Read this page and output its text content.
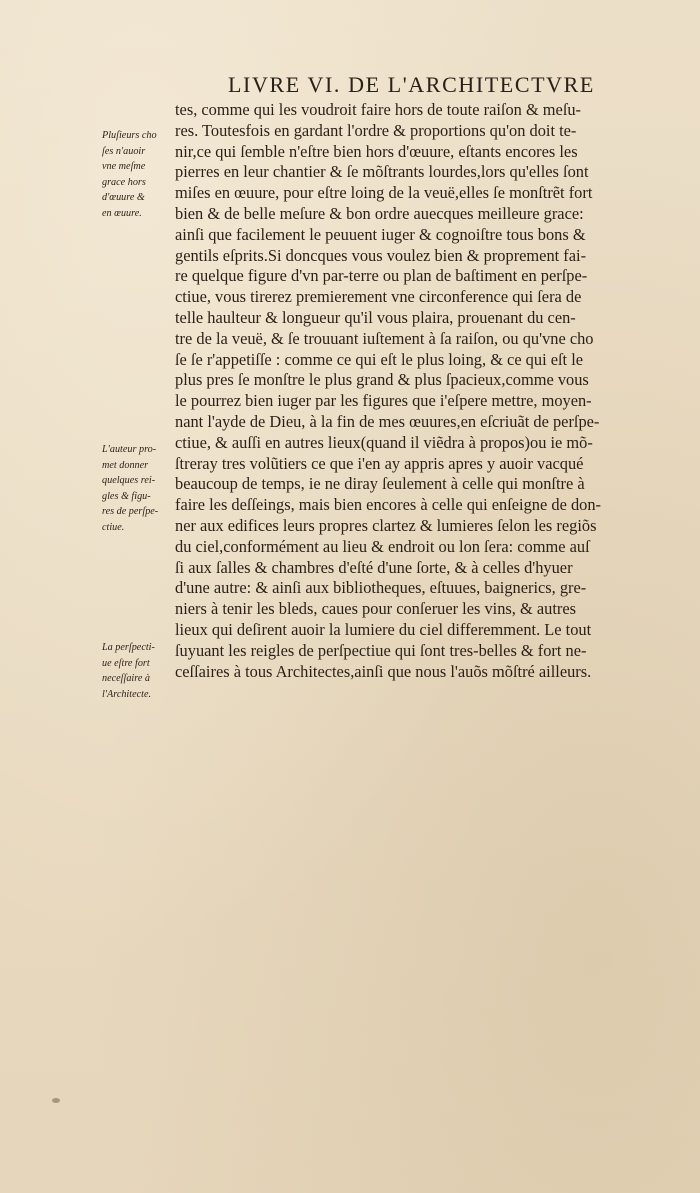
LIVRE VI. DE L'ARCHITECTVRE
Pluſieurs cho
ſes n'auoir
vne meſme
grace hors
d'œuure &
en œuure.
L'auteur pro-
met donner
quelques rei-
gles & figu-
res de perſpe-
ctiue.
La perſpecti-
ue eſtre fort
neceſſaire à
l'Architecte.
tes, comme qui les voudroit faire hors de toute raiſon & meſu-
res. Toutesfois en gardant l'ordre & proportions qu'on doit te-
nir,ce qui ſemble n'eſtre bien hors d'œuure, eſtants encores les
pierres en leur chantier & ſe mõſtrants lourdes,lors qu'elles ſont
miſes en œuure, pour eſtre loing de la veuë,elles ſe monſtrẽt fort
bien & de belle meſure & bon ordre auecques meilleure grace:
ainſi que facilement le peuuent iuger & cognoiſtre tous bons &
gentils eſprits.Si doncques vous voulez bien & proprement fai-
re quelque figure d'vn par-terre ou plan de baſtiment en perſpe-
ctiue, vous tirerez premierement vne circonference qui ſera de
telle haulteur & longueur qu'il vous plaira, prouenant du cen-
tre de la veuë, & ſe trouuant iuſtement à ſa raiſon, ou qu'vne cho
ſe ſe r'appetiſſe : comme ce qui eſt le plus loing, & ce qui eſt le
plus pres ſe monſtre le plus grand & plus ſpacieux,comme vous
le pourrez bien iuger par les figures que i'eſpere mettre, moyen-
nant l'ayde de Dieu, à la fin de mes œuures,en eſcriuãt de perſpe-
ctiue, & auſſi en autres lieux(quand il viẽdra à propos)ou ie mõ-
ſtreray tres volũtiers ce que i'en ay appris apres y auoir vacqué
beaucoup de temps, ie ne diray ſeulement à celle qui monſtre à
faire les deſſeings, mais bien encores à celle qui enſeigne de don-
ner aux edifices leurs propres clartez & lumieres ſelon les regiõs
du ciel,conformément au lieu & endroit ou lon ſera: comme auſ
ſi aux ſalles & chambres d'eſté d'une ſorte, & à celles d'hyuer
d'une autre: & ainſi aux bibliotheques, eſtuues, baignerics, gre-
niers à tenir les bleds, caues pour conſeruer les vins, & autres
lieux qui deſirent auoir la lumiere du ciel differemment. Le tout
ſuyuant les reigles de perſpectiue qui ſont tres-belles & fort ne-
ceſſaires à tous Architectes,ainſi que nous l'auõs mõſtré ailleurs.
